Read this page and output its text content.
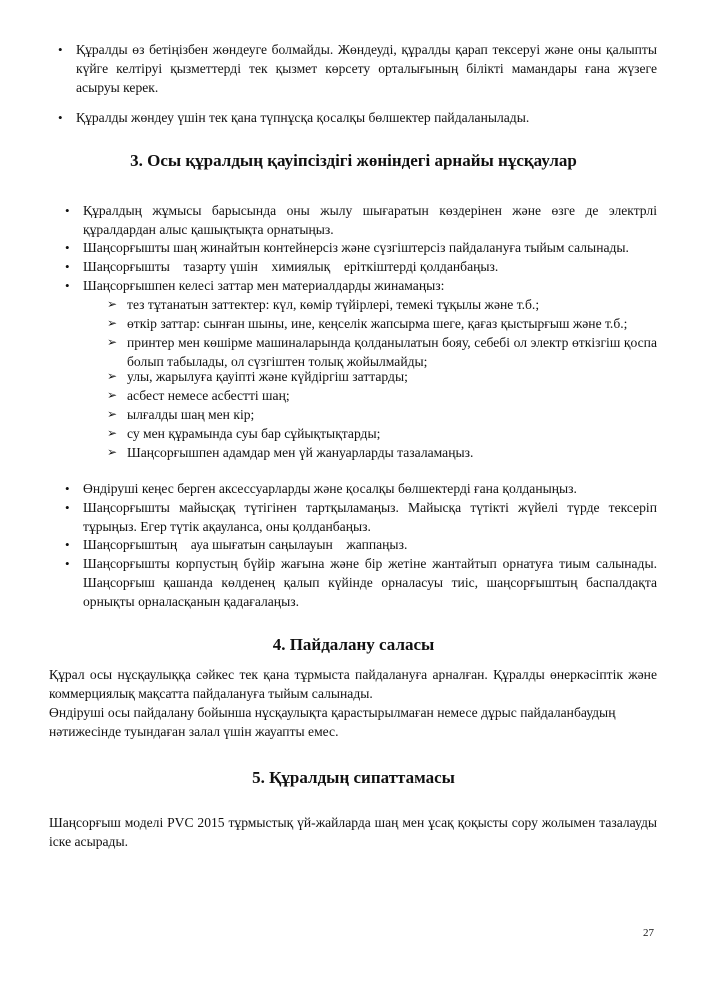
• Құралды өз бетіңізбен жөндеуге болмайды. Жөндеуді, құралды қарап тексеруі және оны қалыпты күйге келтіруі қызметтерді тек қызмет көрсету орталығының білікті мамандары ғана жүзеге асыруы керек.
• Құралды жөндеу үшін тек қана түпнұсқа қосалқы бөлшектер пайдаланылады.
3. Осы құралдың қауіпсіздігі жөніндегі арнайы нұсқаулар
• Құралдың жұмысы барысында оны жылу шығаратын көздерінен және өзге де электрлі құралдардан алыс қашықтықта орнатыңыз.
• Шаңсорғышты шаң жинайтын контейнерсіз және сүзгіштерсіз пайдалануға тыйым салынады.
• Шаңсорғышты    тазарту үшін    химиялық    еріткіштерді қолданбаңыз.
• Шаңсорғышпен келесі заттар мен материалдарды жинамаңыз:
➢ тез тұтанатын заттектер: күл, көмір түйірлері, темекі тұқылы және т.б.;
➢ өткір заттар: сынған шыны, ине, кеңселік жапсырма шеге, қағаз қыстырғыш және т.б.;
➢ принтер мен көшірме машиналарында қолданылатын бояу, себебі ол электр өткізгіш қоспа болып табылады, ол сүзгіштен толық жойылмайды;
➢ улы, жарылуға қауіпті және күйдіргіш заттарды;
➢ асбест немесе асбестті шаң;
➢ ылғалды шаң мен кір;
➢ су мен құрамында суы бар сұйықтықтарды;
➢ Шаңсорғышпен адамдар мен үй жануарларды тазаламаңыз.
• Өндіруші кеңес берген аксессуарларды және қосалқы бөлшектерді ғана қолданыңыз.
• Шаңсорғышты майысқақ түтігінен тартқыламаңыз. Майысқа түтікті жүйелі түрде тексеріп тұрыңыз. Егер түтік ақауланса, оны қолданбаңыз.
• Шаңсорғыштың    ауа шығатын саңылауын    жаппаңыз.
• Шаңсорғышты корпустың бүйір жағына және бір жетіне жантайтып орнатуға тиым салынады. Шаңсорғыш қашанда көлденең қалып күйінде орналасуы тиіс, шаңсорғыштың баспалдақта орнықты орналасқанын қадағалаңыз.
4. Пайдалану саласы
Құрал осы нұсқаулыққа сәйкес тек қана тұрмыста пайдалануға арналған. Құралды өнеркәсіптік және коммерциялық мақсатта пайдалануға тыйым салынады.
Өндіруші осы пайдалану бойынша нұсқаулықта қарастырылмаған немесе дұрыс пайдаланбаудың нәтижесінде туындаған залал үшін жауапты емес.
5. Құралдың сипаттамасы
Шаңсорғыш моделі PVC 2015 тұрмыстық үй-жайларда шаң мен ұсақ қоқысты сору жолымен тазалауды іске асырады.
27
